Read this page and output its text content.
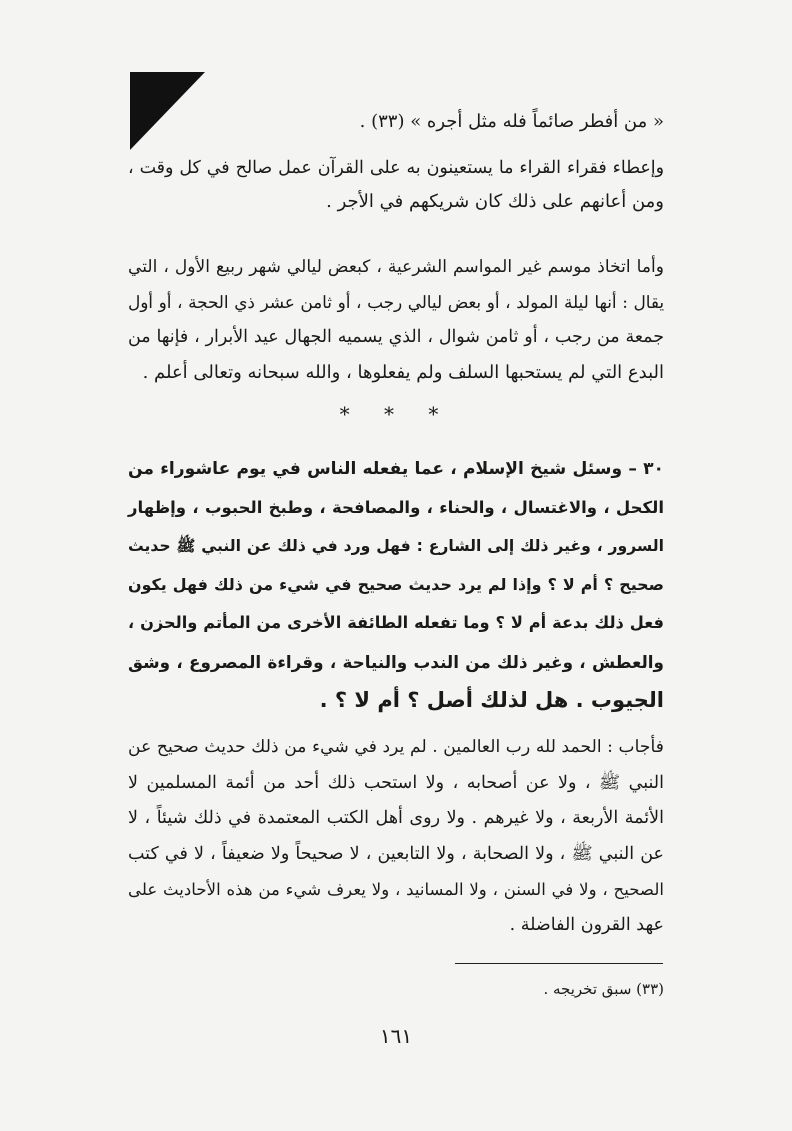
« من أفطر صائماً فله مثل أجره » (٣٣) .
وإعطاء فقراء القراء ما يستعينون به على القرآن عمل صالح في كل وقت ،
ومن أعانهم على ذلك كان شريكهم في الأجر .
وأما اتخاذ موسم غير المواسم الشرعية ، كبعض ليالي شهر ربيع الأول ، التي
يقال : أنها ليلة المولد ، أو بعض ليالي رجب ، أو ثامن عشر ذي الحجة ، أو أول
جمعة من رجب ، أو ثامن شوال ، الذي يسميه الجهال عيد الأبرار ، فإنها من
البدع التي لم يستحبها السلف ولم يفعلوها ، والله سبحانه وتعالى أعلم .
* * *
٣٠ – وسئل شيخ الإسلام ، عما يفعله الناس في يوم عاشوراء من
الكحل ، والاغتسال ، والحناء ، والمصافحة ، وطبخ الحبوب ، وإظهار
السرور ، وغير ذلك إلى الشارع : فهل ورد في ذلك عن النبي ﷺ حديث
صحيح ؟ أم لا ؟ وإذا لم يرد حديث صحيح في شيء من ذلك فهل يكون
فعل ذلك بدعة أم لا ؟ وما تفعله الطائفة الأخرى من المأتم والحزن ،
والعطش ، وغير ذلك من الندب والنياحة ، وقراءة المصروع ، وشق
الجيوب . هل لذلك أصل ؟ أم لا ؟ .
فأجاب : الحمد لله رب العالمين . لم يرد في شيء من ذلك حديث صحيح عن
النبي ﷺ ، ولا عن أصحابه ، ولا استحب ذلك أحد من أئمة المسلمين لا
الأئمة الأربعة ، ولا غيرهم . ولا روى أهل الكتب المعتمدة في ذلك شيئاً ، لا
عن النبي ﷺ ، ولا الصحابة ، ولا التابعين ، لا صحيحاً ولا ضعيفاً ، لا في كتب
الصحيح ، ولا في السنن ، ولا المسانيد ، ولا يعرف شيء من هذه الأحاديث على
عهد القرون الفاضلة .
(٣٣) سبق تخريجه .
١٦١
